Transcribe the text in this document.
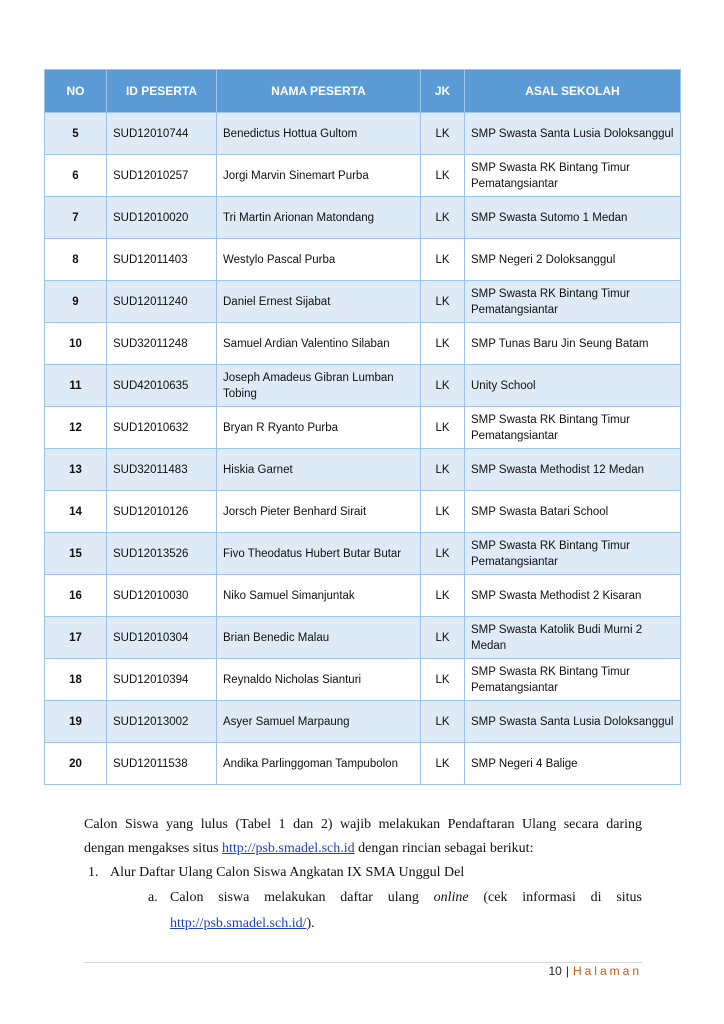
NO	ID PESERTA	NAMA PESERTA	JK	ASAL SEKOLAH
5	SUD12010744	Benedictus Hottua Gultom	LK	SMP Swasta Santa Lusia Doloksanggul
6	SUD12010257	Jorgi Marvin Sinemart Purba	LK	SMP Swasta RK Bintang Timur Pematangsiantar
7	SUD12010020	Tri Martin Arionan Matondang	LK	SMP Swasta Sutomo 1 Medan
8	SUD12011403	Westylo Pascal Purba	LK	SMP Negeri 2 Doloksanggul
9	SUD12011240	Daniel Ernest Sijabat	LK	SMP Swasta RK Bintang Timur Pematangsiantar
10	SUD32011248	Samuel Ardian Valentino Silaban	LK	SMP Tunas Baru Jin Seung Batam
11	SUD42010635	Joseph Amadeus Gibran Lumban Tobing	LK	Unity School
12	SUD12010632	Bryan R Ryanto Purba	LK	SMP Swasta RK Bintang Timur Pematangsiantar
13	SUD32011483	Hiskia Garnet	LK	SMP Swasta Methodist 12 Medan
14	SUD12010126	Jorsch Pieter Benhard Sirait	LK	SMP Swasta Batari School
15	SUD12013526	Fivo Theodatus Hubert Butar Butar	LK	SMP Swasta RK Bintang Timur Pematangsiantar
16	SUD12010030	Niko Samuel Simanjuntak	LK	SMP Swasta Methodist 2 Kisaran
17	SUD12010304	Brian Benedic Malau	LK	SMP Swasta Katolik Budi Murni 2 Medan
18	SUD12010394	Reynaldo Nicholas Sianturi	LK	SMP Swasta RK Bintang Timur Pematangsiantar
19	SUD12013002	Asyer Samuel Marpaung	LK	SMP Swasta Santa Lusia Doloksanggul
20	SUD12011538	Andika Parlinggoman Tampubolon	LK	SMP Negeri 4 Balige
Calon Siswa yang lulus (Tabel 1 dan 2) wajib melakukan Pendaftaran Ulang secara daring
dengan mengakses situs http://psb.smadel.sch.id dengan rincian sebagai berikut:
1. Alur Daftar Ulang Calon Siswa Angkatan IX SMA Unggul Del
a. Calon siswa melakukan daftar ulang online (cek informasi di situs
http://psb.smadel.sch.id/).
10 | Halaman
